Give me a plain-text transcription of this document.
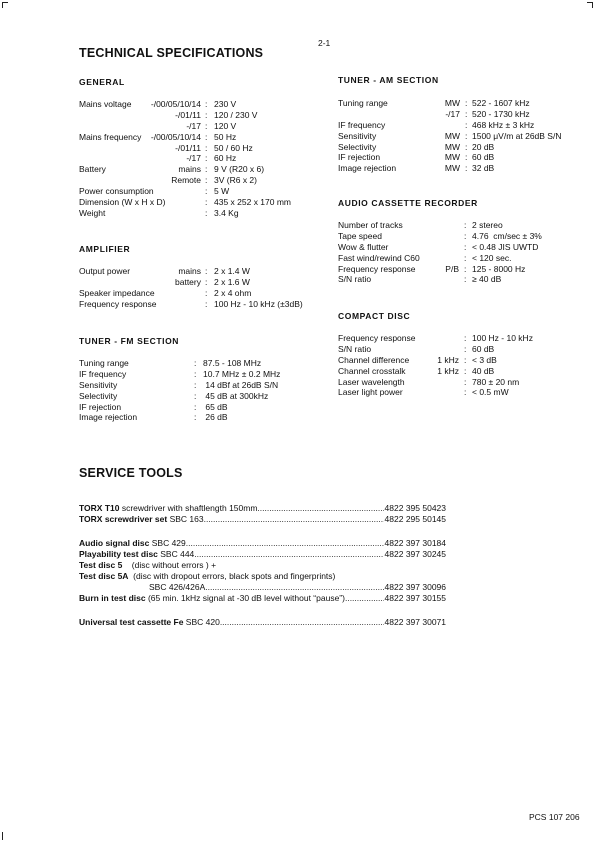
2-1
TECHNICAL SPECIFICATIONS
GENERAL
Mains voltage -/00/05/10/14 : 230 V
-/01/11 : 120 / 230 V
-/17 : 120 V
Mains frequency -/00/05/10/14 : 50 Hz
-/01/11 : 50 / 60 Hz
-/17 : 60 Hz
Battery	mains : 9 V (R20 x 6)
Remote : 3V (R6 x 2)
Power consumption	: 5 W
Dimension (W x H x D)	: 435 x 252 x 170 mm
Weight	: 3.4 Kg
AMPLIFIER
Output power	mains : 2 x 1.4 W
battery : 2 x 1.6 W
Speaker impedance	: 2 x 4 ohm
Frequency response	: 100 Hz - 10 kHz (±3dB)
TUNER - FM SECTION
Tuning range	: 87.5 - 108 MHz
IF frequency	: 10.7 MHz ± 0.2 MHz
Sensitivity	: 14 dBf at 26dB S/N
Selectivity	: 45 dB at 300kHz
IF rejection	: 65 dB
Image rejection	: 26 dB
TUNER - AM SECTION
Tuning range	MW : 522 - 1607 kHz
-/17 : 520 - 1730 kHz
IF frequency	: 468 kHz ± 3 kHz
Sensitivity	MW : 1500 μV/m at 26dB S/N
Selectivity	MW : 20 dB
IF rejection	MW : 60 dB
Image rejection	MW : 32 dB
AUDIO CASSETTE RECORDER
Number of tracks	: 2 stereo
Tape speed	: 4.76  cm/sec ± 3%
Wow & flutter	: < 0.48 JIS UWTD
Fast wind/rewind C60	: < 120 sec.
Frequency response	P/B : 125 - 8000 Hz
S/N ratio	: ≥ 40 dB
COMPACT DISC
Frequency response	: 100 Hz - 10 kHz
S/N ratio	: 60 dB
Channel difference	1 kHz : < 3 dB
Channel crosstalk	1 kHz : 40 dB
Laser wavelength	: 780 ± 20 nm
Laser light power	: < 0.5 mW
SERVICE TOOLS
TORX T10 screwdriver with shaftlength 150mm .....	4822 395 50423
TORX screwdriver set SBC 163 .....	4822 295 50145
Audio signal disc SBC 429 .....	4822 397 30184
Playability test disc SBC 444 .....	4822 397 30245
Test disc 5    (disc without errors ) +
Test disc 5A  (disc with dropout errors, black spots and fingerprints)
SBC 426/426A .....	4822 397 30096
Burn in test disc (65 min. 1kHz signal at -30 dB level without “pause”) .....	4822 397 30155
Universal test cassette Fe SBC 420 .....	4822 397 30071
PCS 107 206
